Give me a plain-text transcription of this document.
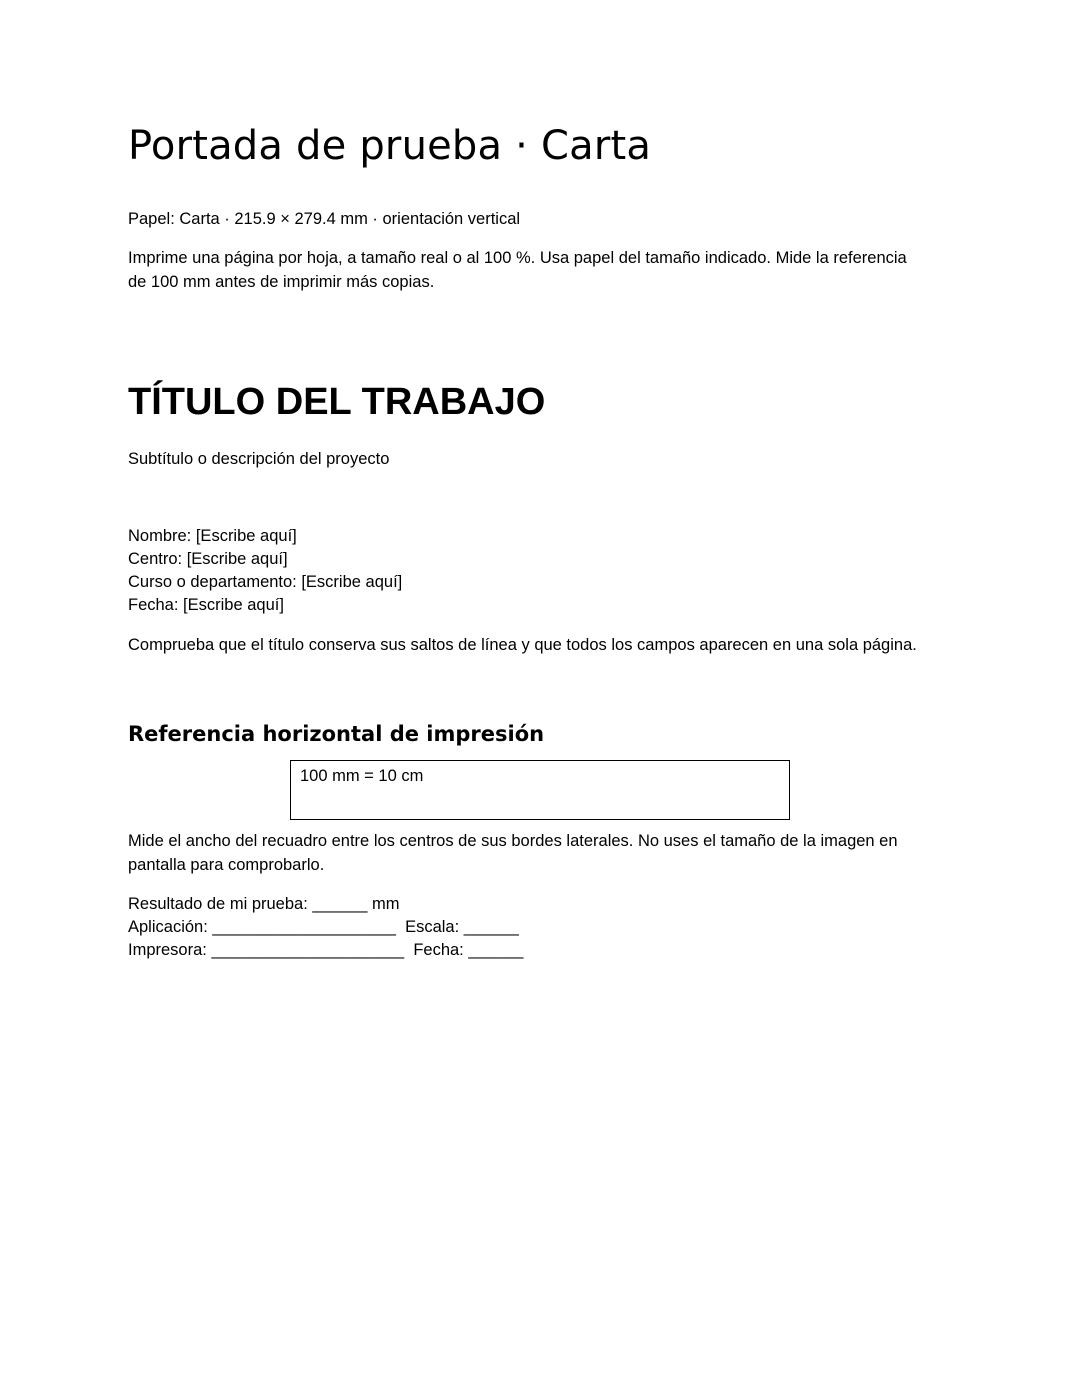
Portada de prueba · Carta

Papel: Carta · 215.9 × 279.4 mm · orientación vertical

Imprime una página por hoja, a tamaño real o al 100 %. Usa papel del tamaño indicado. Mide la referencia de 100 mm antes de imprimir más copias.

TÍTULO DEL TRABAJO

Subtítulo o descripción del proyecto

Nombre: [Escribe aquí]
Centro: [Escribe aquí]
Curso o departamento: [Escribe aquí]
Fecha: [Escribe aquí]

Comprueba que el título conserva sus saltos de línea y que todos los campos aparecen en una sola página.

Referencia horizontal de impresión
100 mm = 10 cm

Mide el ancho del recuadro entre los centros de sus bordes laterales. No uses el tamaño de la imagen en pantalla para comprobarlo.

Resultado de mi prueba: ______ mm
Aplicación: ____________________  Escala: ______
Impresora: _____________________  Fecha: ______
